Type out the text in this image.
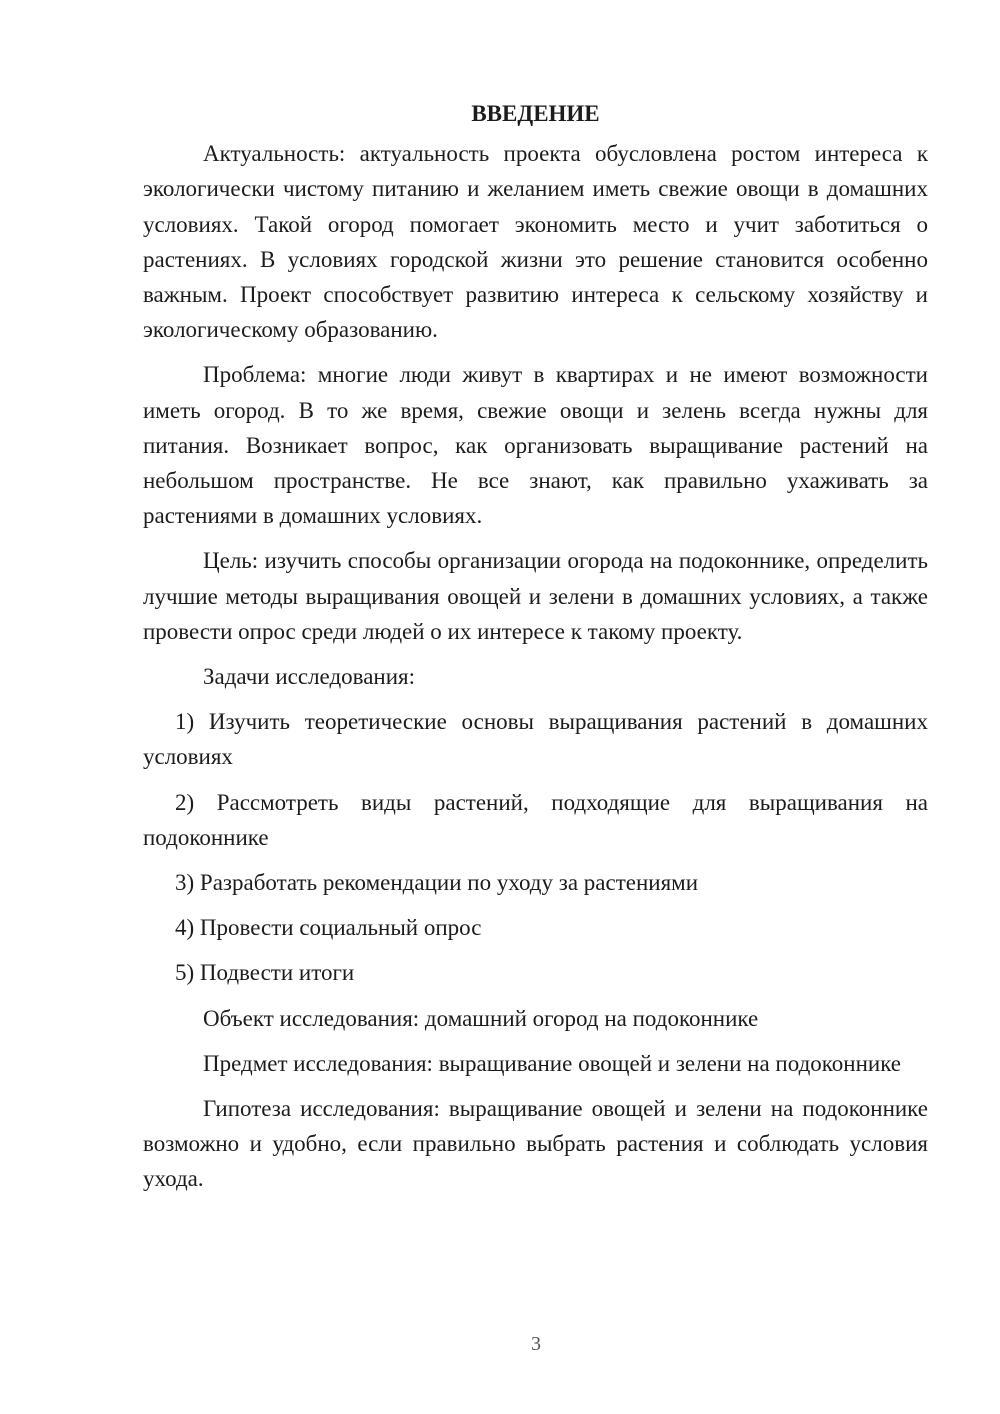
ВВЕДЕНИЕ

Актуальность: актуальность проекта обусловлена ростом интереса к экологически чистому питанию и желанием иметь свежие овощи в домашних условиях. Такой огород помогает экономить место и учит заботиться о растениях. В условиях городской жизни это решение становится особенно важным. Проект способствует развитию интереса к сельскому хозяйству и экологическому образованию.

Проблема: многие люди живут в квартирах и не имеют возможности иметь огород. В то же время, свежие овощи и зелень всегда нужны для питания. Возникает вопрос, как организовать выращивание растений на небольшом пространстве. Не все знают, как правильно ухаживать за растениями в домашних условиях.

Цель: изучить способы организации огорода на подоконнике, определить лучшие методы выращивания овощей и зелени в домашних условиях, а также провести опрос среди людей о их интересе к такому проекту.

Задачи исследования:

1) Изучить теоретические основы выращивания растений в домашних условиях

2) Рассмотреть виды растений, подходящие для выращивания на подоконнике

3) Разработать рекомендации по уходу за растениями

4) Провести социальный опрос

5) Подвести итоги

Объект исследования: домашний огород на подоконнике

Предмет исследования: выращивание овощей и зелени на подоконнике

Гипотеза исследования: выращивание овощей и зелени на подоконнике возможно и удобно, если правильно выбрать растения и соблюдать условия ухода.

3
